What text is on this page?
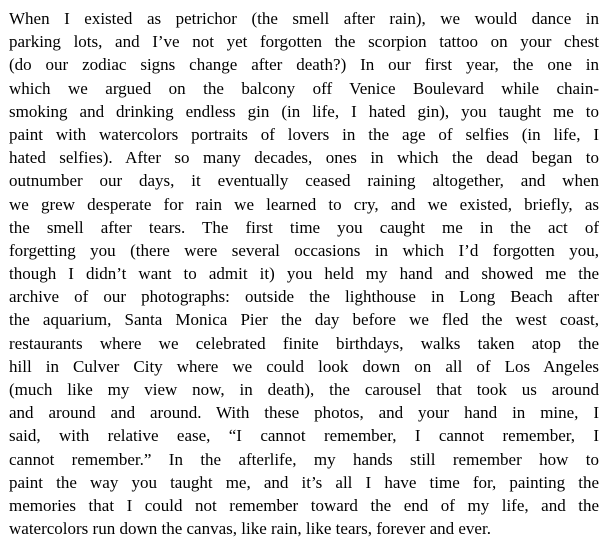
When I existed as petrichor (the smell after rain), we would dance in
parking lots, and I’ve not yet forgotten the scorpion tattoo on your chest
(do our zodiac signs change after death?) In our first year, the one in
which we argued on the balcony off Venice Boulevard while chain-
smoking and drinking endless gin (in life, I hated gin), you taught me to
paint with watercolors portraits of lovers in the age of selfies (in life, I
hated selfies). After so many decades, ones in which the dead began to
outnumber our days, it eventually ceased raining altogether, and when
we grew desperate for rain we learned to cry, and we existed, briefly, as
the smell after tears. The first time you caught me in the act of
forgetting you (there were several occasions in which I’d forgotten you,
though I didn’t want to admit it) you held my hand and showed me the
archive of our photographs: outside the lighthouse in Long Beach after
the aquarium, Santa Monica Pier the day before we fled the west coast,
restaurants where we celebrated finite birthdays, walks taken atop the
hill in Culver City where we could look down on all of Los Angeles
(much like my view now, in death), the carousel that took us around
and around and around. With these photos, and your hand in mine, I
said, with relative ease, “I cannot remember, I cannot remember, I
cannot remember.” In the afterlife, my hands still remember how to
paint the way you taught me, and it’s all I have time for, painting the
memories that I could not remember toward the end of my life, and the
watercolors run down the canvas, like rain, like tears, forever and ever.
